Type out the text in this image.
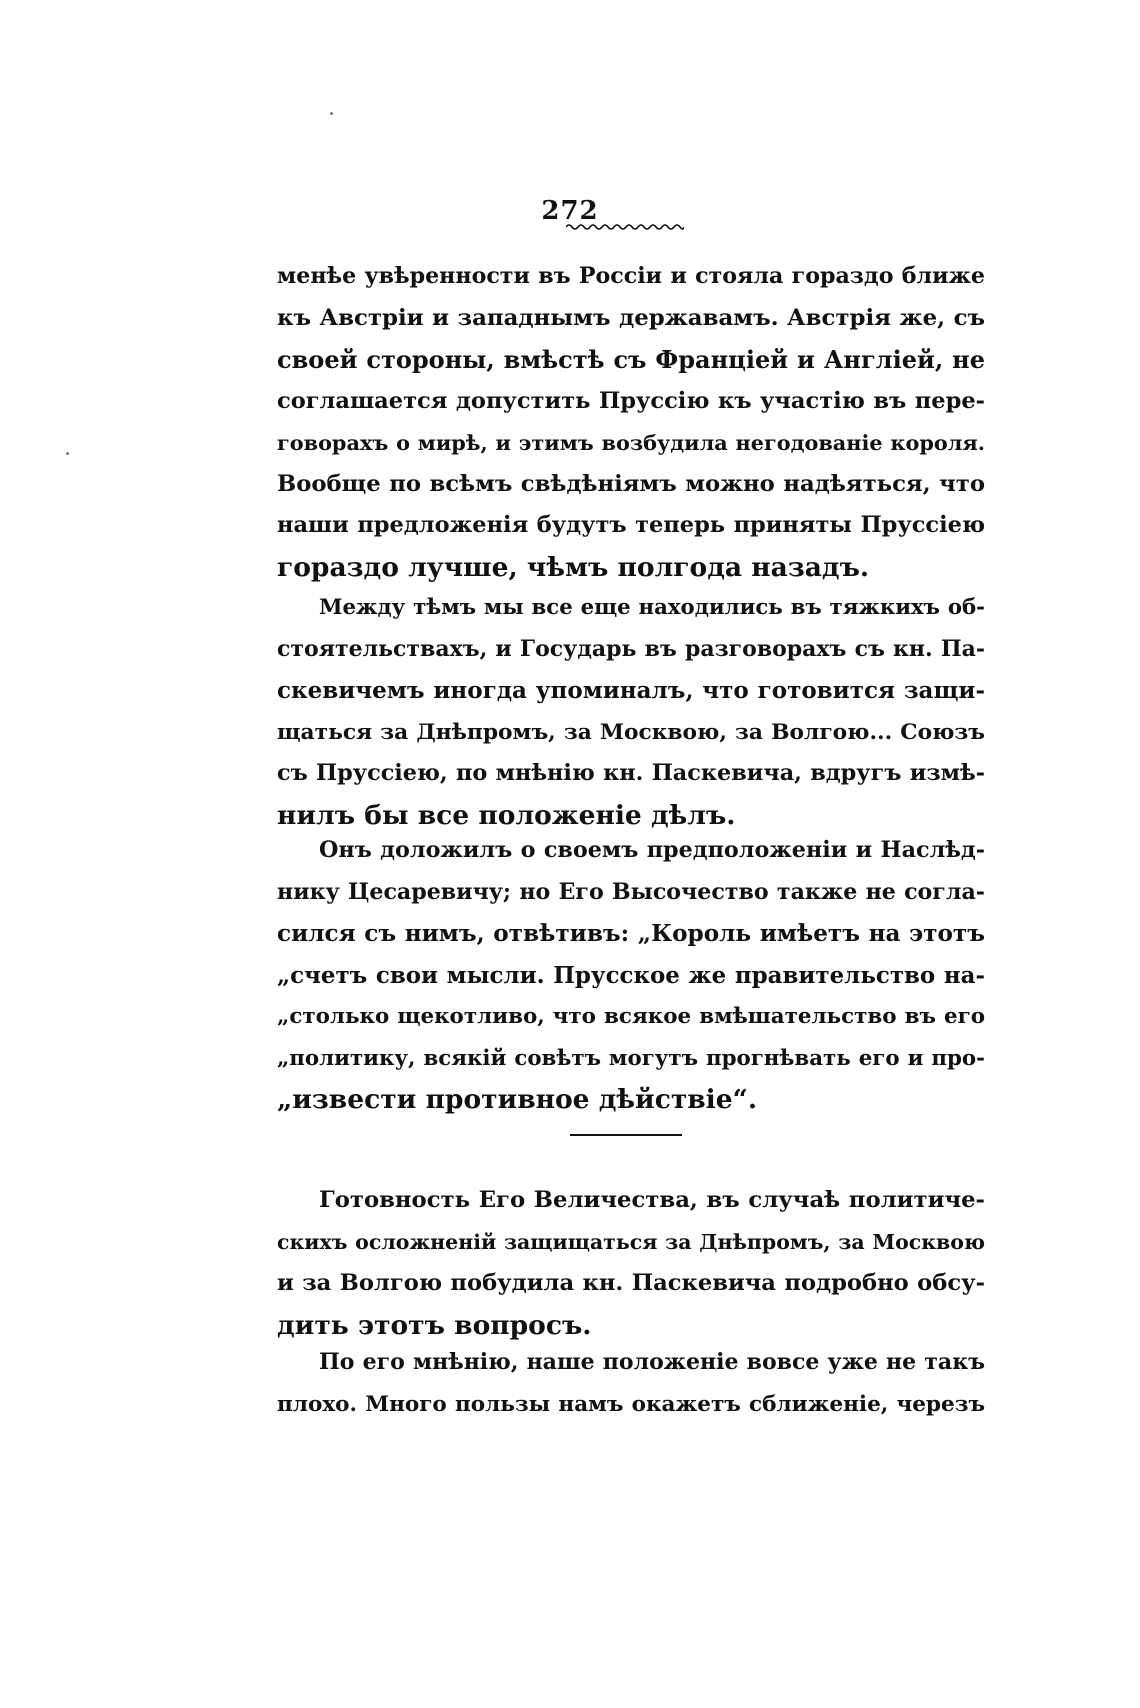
272
менѣе увѣренности въ Россіи и стояла гораздо ближе
къ Австріи и западнымъ державамъ. Австрія же, съ
своей стороны, вмѣстѣ съ Франціей и Англіей, не
соглашается допустить Пруссію къ участію въ пере-
говорахъ о мирѣ, и этимъ возбудила негодованіе короля.
Вообще по всѣмъ свѣдѣніямъ можно надѣяться, что
наши предложенія будутъ теперь приняты Пруссіею
гораздо лучше, чѣмъ полгода назадъ.
Между тѣмъ мы все еще находились въ тяжкихъ об-
стоятельствахъ, и Государь въ разговорахъ съ кн. Па-
скевичемъ иногда упоминалъ, что готовится защи-
щаться за Днѣпромъ, за Москвою, за Волгою... Союзъ
съ Пруссіею, по мнѣнію кн. Паскевича, вдругъ измѣ-
нилъ бы все положеніе дѣлъ.
Онъ доложилъ о своемъ предположеніи и Наслѣд-
нику Цесаревичу; но Его Высочество также не согла-
сился съ нимъ, отвѣтивъ: „Король имѣетъ на этотъ
„счетъ свои мысли. Прусское же правительство на-
„столько щекотливо, что всякое вмѣшательство въ его
„политику, всякій совѣтъ могутъ прогнѣвать его и про-
„извести противное дѣйствіе“.
Готовность Его Величества, въ случаѣ политиче-
скихъ осложненій защищаться за Днѣпромъ, за Москвою
и за Волгою побудила кн. Паскевича подробно обсу-
дить этотъ вопросъ.
По его мнѣнію, наше положеніе вовсе уже не такъ
плохо. Много пользы намъ окажетъ сближеніе, черезъ
